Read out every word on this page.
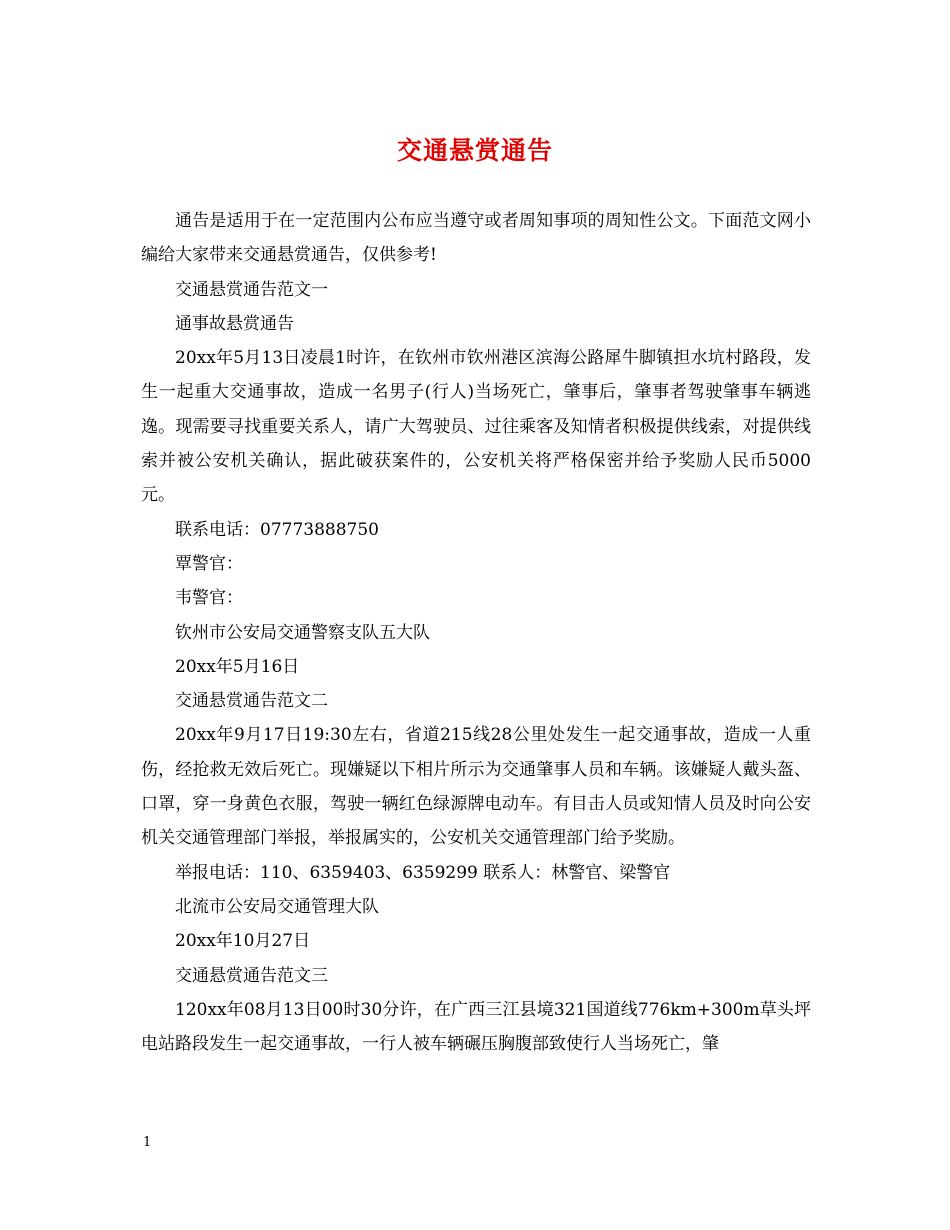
交通悬赏通告

通告是适用于在一定范围内公布应当遵守或者周知事项的周知性公文。下面范文网小编给大家带来交通悬赏通告，仅供参考!

交通悬赏通告范文一

通事故悬赏通告

20xx年5月13日凌晨1时许，在钦州市钦州港区滨海公路犀牛脚镇担水坑村路段，发生一起重大交通事故，造成一名男子(行人)当场死亡，肇事后，肇事者驾驶肇事车辆逃逸。现需要寻找重要关系人，请广大驾驶员、过往乘客及知情者积极提供线索，对提供线索并被公安机关确认，据此破获案件的，公安机关将严格保密并给予奖励人民币5000元。

联系电话：07773888750

覃警官：

韦警官：

钦州市公安局交通警察支队五大队

20xx年5月16日

交通悬赏通告范文二

20xx年9月17日19:30左右，省道215线28公里处发生一起交通事故，造成一人重伤，经抢救无效后死亡。现嫌疑以下相片所示为交通肇事人员和车辆。该嫌疑人戴头盔、口罩，穿一身黄色衣服，驾驶一辆红色绿源牌电动车。有目击人员或知情人员及时向公安机关交通管理部门举报，举报属实的，公安机关交通管理部门给予奖励。

举报电话：110、6359403、6359299 联系人：林警官、梁警官

北流市公安局交通管理大队

20xx年10月27日

交通悬赏通告范文三

120xx年08月13日00时30分许，在广西三江县境321国道线776km+300m草头坪电站路段发生一起交通事故，一行人被车辆碾压胸腹部致使行人当场死亡，肇

1
